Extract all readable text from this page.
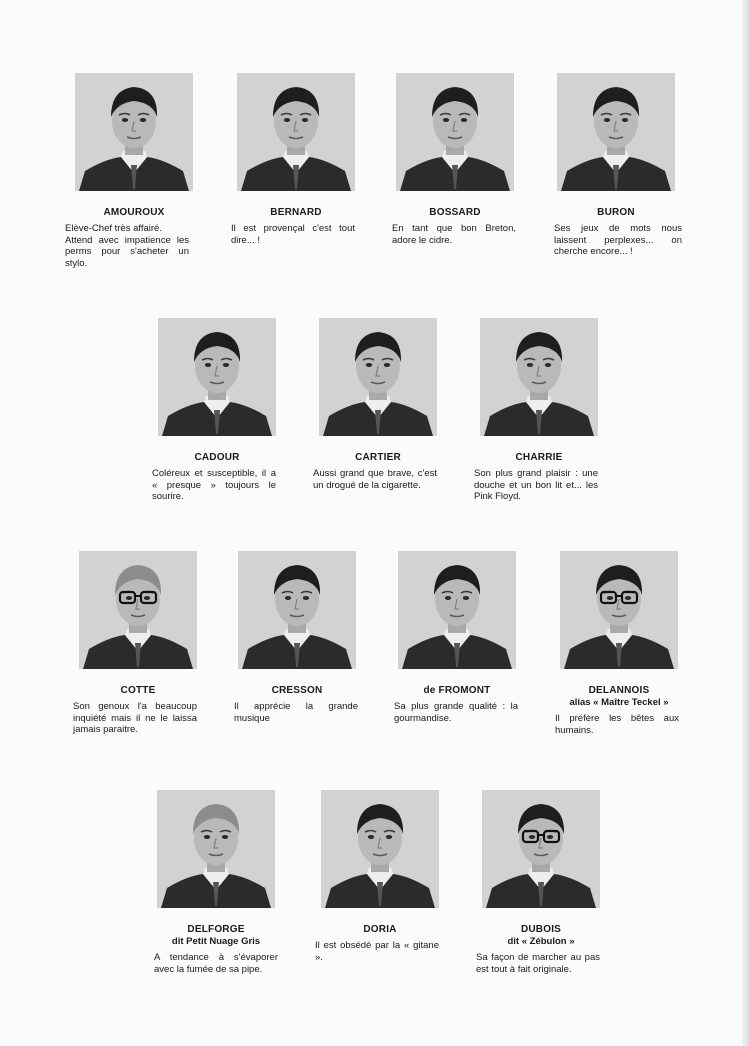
AMOUROUX
Elève-Chef très affairé.
Attend avec impatience les perms pour s'acheter un stylo.
BERNARD
Il est provençal c'est tout dire... !
BOSSARD
En tant que bon Breton, adore le cidre.
BURON
Ses jeux de mots nous laissent perplexes... on cherche encore... !
CADOUR
Coléreux et susceptible, il a « presque » toujours le sourire.
CARTIER
Aussi grand que brave, c'est un drogué de la cigarette.
CHARRIE
Son plus grand plaisir : une douche et un bon lit et... les Pink Floyd.
COTTE
Son genoux l'a beaucoup inquiété mais il ne le laissa jamais paraitre.
CRESSON
Il apprécie la grande musique
de FROMONT
Sa plus grande qualité : la gourmandise.
DELANNOIS
alias « Maître Teckel »
Il préfère les bêtes aux humains.
DELFORGE
dit Petit Nuage Gris
A tendance à s'évaporer avec la fumée de sa pipe.
DORIA
Il est obsédé par la « gitane ».
DUBOIS
dit « Zébulon »
Sa façon de marcher au pas est tout à fait originale.
